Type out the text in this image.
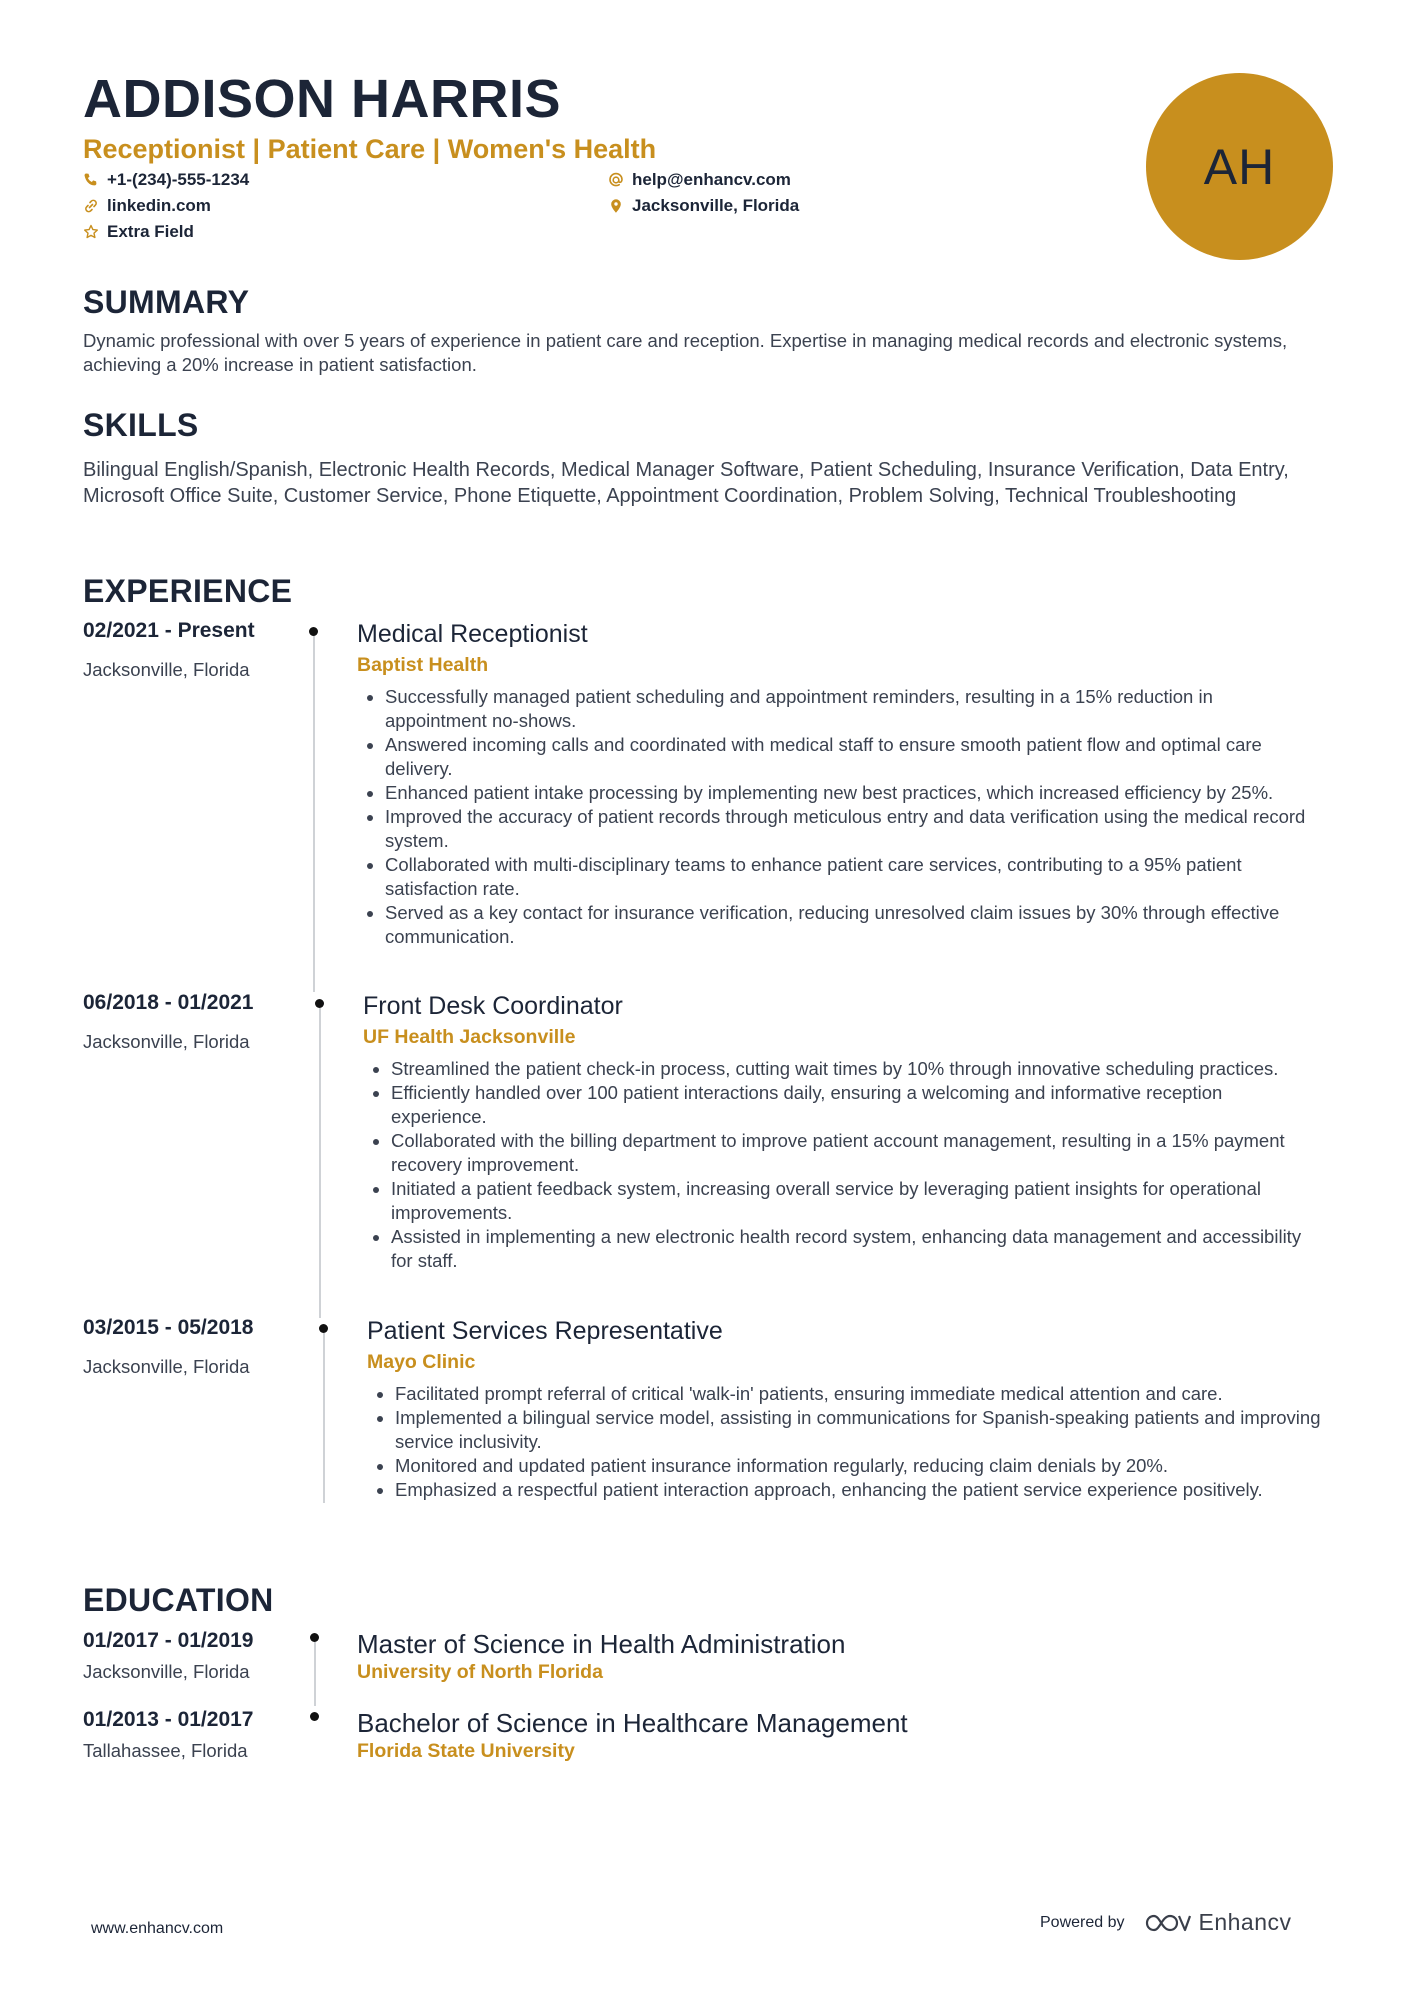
ADDISON HARRIS
Receptionist | Patient Care | Women's Health
+1-(234)-555-1234	help@enhancv.com
linkedin.com	Jacksonville, Florida
Extra Field
AH
SUMMARY
Dynamic professional with over 5 years of experience in patient care and reception. Expertise in managing medical records and electronic systems, achieving a 20% increase in patient satisfaction.
SKILLS
Bilingual English/Spanish, Electronic Health Records, Medical Manager Software, Patient Scheduling, Insurance Verification, Data Entry, Microsoft Office Suite, Customer Service, Phone Etiquette, Appointment Coordination, Problem Solving, Technical Troubleshooting
EXPERIENCE
02/2021 - Present
Jacksonville, Florida
Medical Receptionist
Baptist Health
• Successfully managed patient scheduling and appointment reminders, resulting in a 15% reduction in appointment no-shows.
• Answered incoming calls and coordinated with medical staff to ensure smooth patient flow and optimal care delivery.
• Enhanced patient intake processing by implementing new best practices, which increased efficiency by 25%.
• Improved the accuracy of patient records through meticulous entry and data verification using the medical record system.
• Collaborated with multi-disciplinary teams to enhance patient care services, contributing to a 95% patient satisfaction rate.
• Served as a key contact for insurance verification, reducing unresolved claim issues by 30% through effective communication.
06/2018 - 01/2021
Jacksonville, Florida
Front Desk Coordinator
UF Health Jacksonville
• Streamlined the patient check-in process, cutting wait times by 10% through innovative scheduling practices.
• Efficiently handled over 100 patient interactions daily, ensuring a welcoming and informative reception experience.
• Collaborated with the billing department to improve patient account management, resulting in a 15% payment recovery improvement.
• Initiated a patient feedback system, increasing overall service by leveraging patient insights for operational improvements.
• Assisted in implementing a new electronic health record system, enhancing data management and accessibility for staff.
03/2015 - 05/2018
Jacksonville, Florida
Patient Services Representative
Mayo Clinic
• Facilitated prompt referral of critical 'walk-in' patients, ensuring immediate medical attention and care.
• Implemented a bilingual service model, assisting in communications for Spanish-speaking patients and improving service inclusivity.
• Monitored and updated patient insurance information regularly, reducing claim denials by 20%.
• Emphasized a respectful patient interaction approach, enhancing the patient service experience positively.
EDUCATION
01/2017 - 01/2019
Jacksonville, Florida
Master of Science in Health Administration
University of North Florida
01/2013 - 01/2017
Tallahassee, Florida
Bachelor of Science in Healthcare Management
Florida State University
www.enhancv.com	Powered by	Enhancv
